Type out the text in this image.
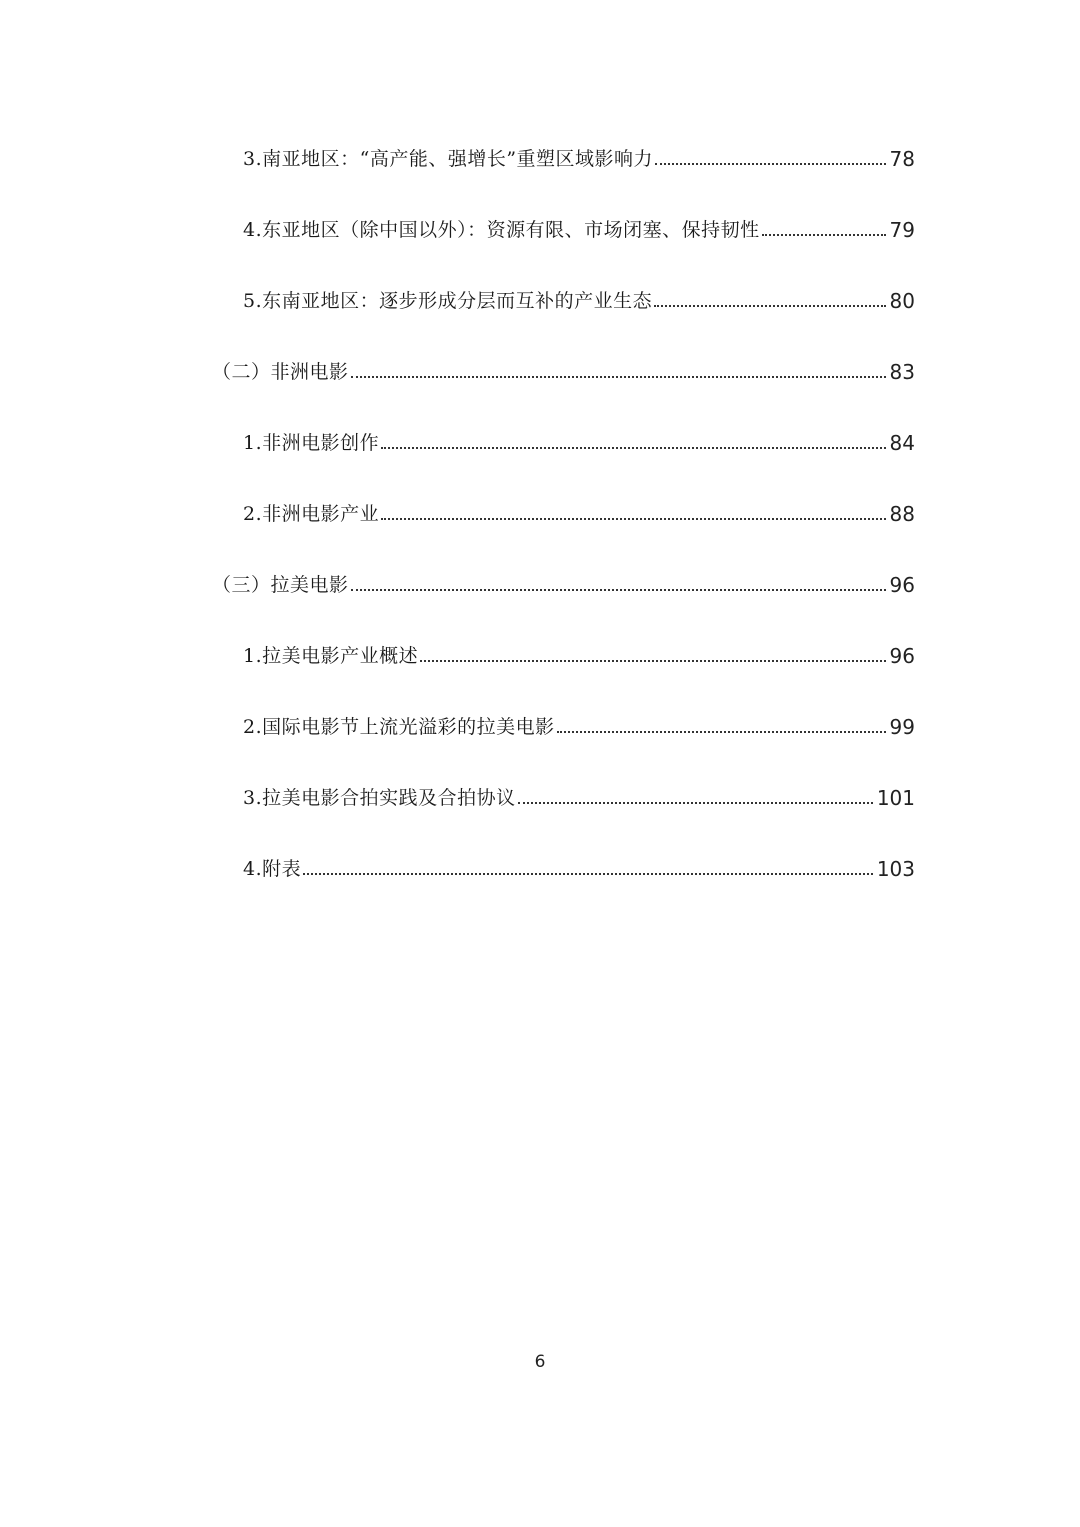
3.南亚地区：“高产能、强增长”重塑区域影响力	78
4.东亚地区（除中国以外）：资源有限、市场闭塞、保持韧性	79
5.东南亚地区：逐步形成分层而互补的产业生态	80
（二）非洲电影	83
1.非洲电影创作	84
2.非洲电影产业	88
（三）拉美电影	96
1.拉美电影产业概述	96
2.国际电影节上流光溢彩的拉美电影	99
3.拉美电影合拍实践及合拍协议	101
4.附表	103
6
